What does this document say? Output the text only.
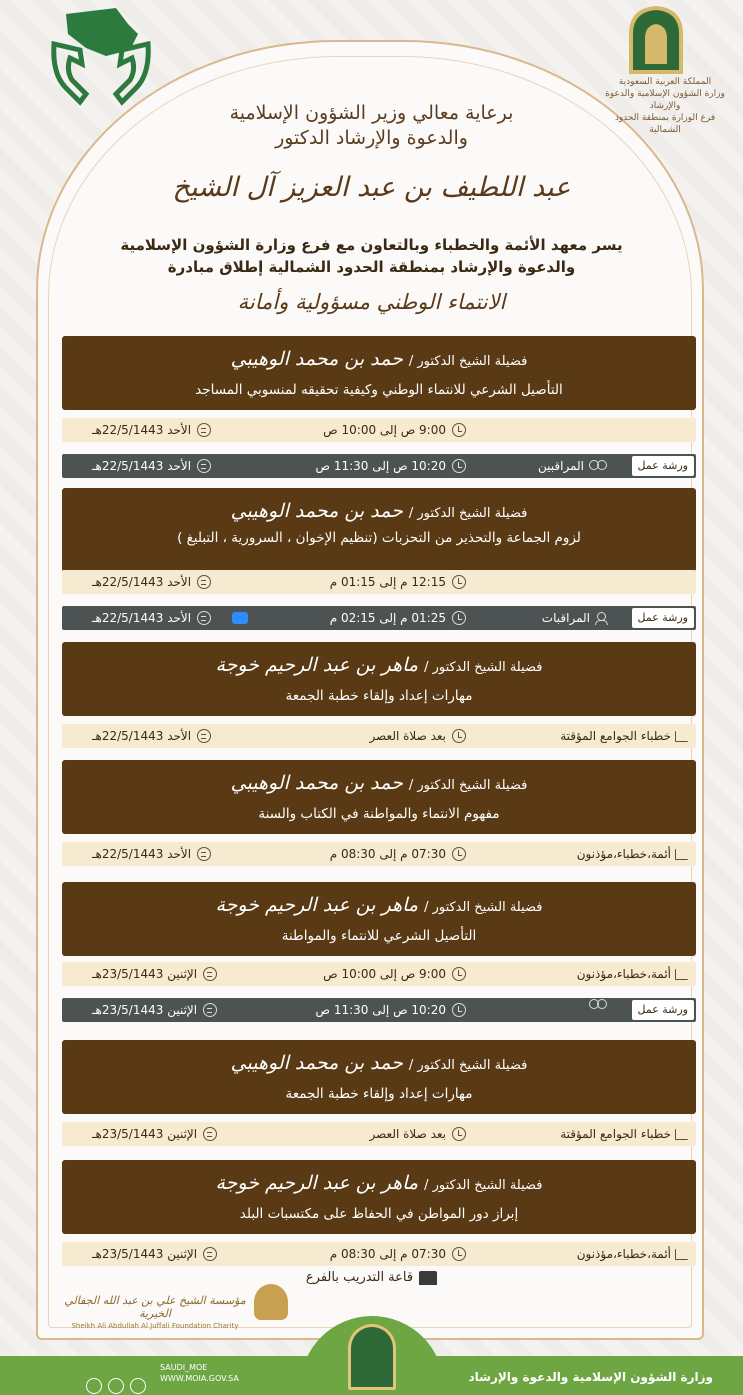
المملكة العربية السعودية
وزارة الشؤون الإسلامية والدعوة والإرشاد
فرع الوزارة بمنطقة الحدود الشمالية
برعاية معالي وزير الشؤون الإسلامية
والدعوة والإرشاد الدكتور
عبد اللطيف بن عبد العزيز آل الشيخ
يسر معهد الأئمة والخطباء وبالتعاون مع فرع وزارة الشؤون الإسلامية
والدعوة والإرشاد بمنطقة الحدود الشمالية إطلاق مبادرة
الانتماء الوطني مسؤولية وأمانة
فضيلة الشيخ الدكتور /حمد بن محمد الوهيبي
التأصيل الشرعي للانتماء الوطني وكيفية تحقيقه لمنسوبي المساجد
9:00 ص إلى 10:00 ص
الأحد 22/5/1443هـ
ورشة عمل
المراقبين
10:20 ص إلى 11:30 ص
الأحد 22/5/1443هـ
فضيلة الشيخ الدكتور /حمد بن محمد الوهيبي
لزوم الجماعة والتحذير من التحزبات (تنظيم الإخوان ، السرورية ، التبليغ )
12:15 م إلى 01:15 م
الأحد 22/5/1443هـ
ورشة عمل
المراقبات
01:25 م إلى 02:15 م
الأحد 22/5/1443هـ
فضيلة الشيخ الدكتور /ماهر بن عبد الرحيم خوجة
مهارات إعداد وإلقاء خطبة الجمعة
خطباء الجوامع المؤقتة
بعد صلاة العصر
الأحد 22/5/1443هـ
فضيلة الشيخ الدكتور /حمد بن محمد الوهيبي
مفهوم الانتماء والمواطنة في الكتاب والسنة
أئمة،خطباء،مؤذنون
07:30 م إلى 08:30 م
الأحد 22/5/1443هـ
فضيلة الشيخ الدكتور /ماهر بن عبد الرحيم خوجة
التأصيل الشرعي للانتماء والمواطنة
أئمة،خطباء،مؤذنون
9:00 ص إلى 10:00 ص
الإثنين 23/5/1443هـ
ورشة عمل
10:20 ص إلى 11:30 ص
الإثنين 23/5/1443هـ
فضيلة الشيخ الدكتور /حمد بن محمد الوهيبي
مهارات إعداد وإلقاء خطبة الجمعة
خطباء الجوامع المؤقتة
بعد صلاة العصر
الإثنين 23/5/1443هـ
فضيلة الشيخ الدكتور /ماهر بن عبد الرحيم خوجة
إبراز دور المواطن في الحفاظ على مكتسبات البلد
أئمة،خطباء،مؤذنون
07:30 م إلى 08:30 م
الإثنين 23/5/1443هـ
قاعة التدريب بالفرع
مؤسسة الشيخ علي بن عبد الله الجفالي الخيرية
Sheikh Ali Abdullah Al Juffali Foundation Charity
وزارة الشؤون الإسلامية والدعوة والإرشاد
SAUDI_MOE
WWW.MOIA.GOV.SA
